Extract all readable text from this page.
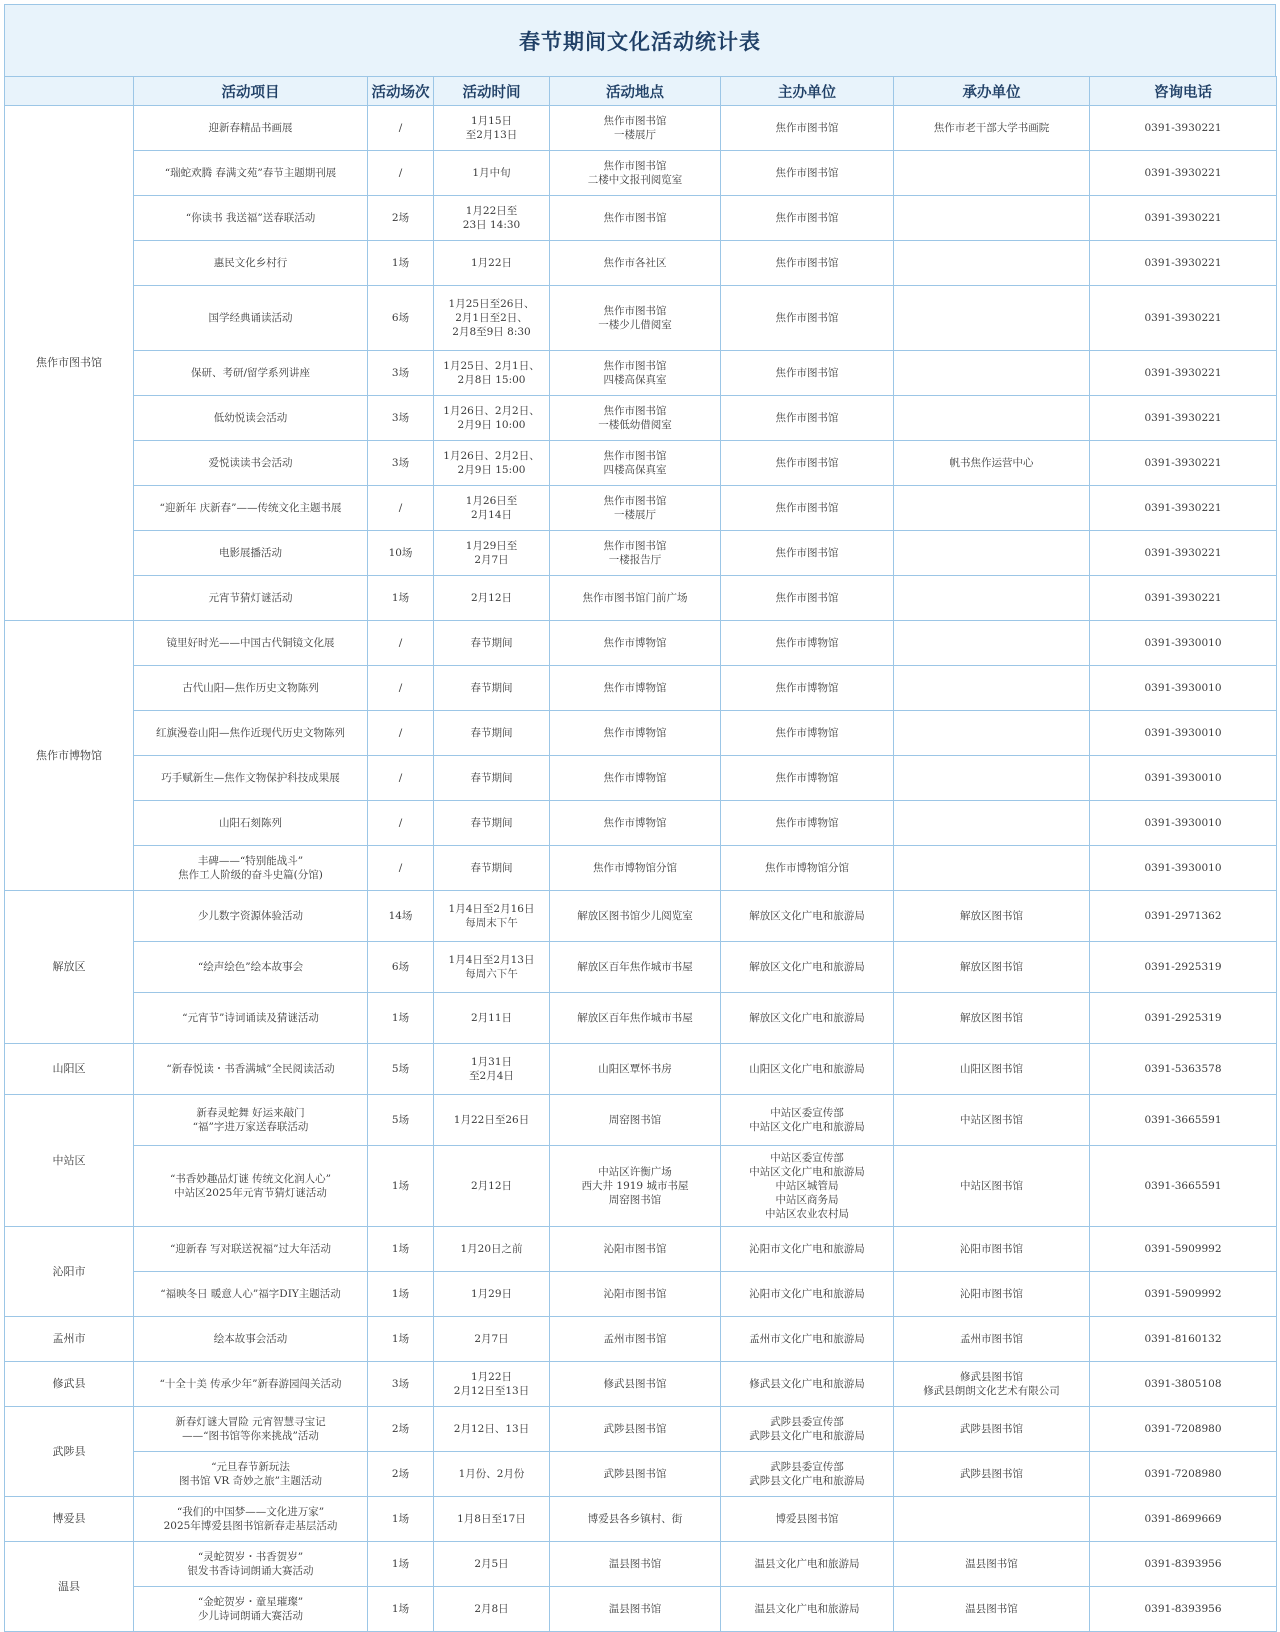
春节期间文化活动统计表
	活动项目	活动场次	活动时间	活动地点	主办单位	承办单位	咨询电话
焦作市图书馆	迎新春精品书画展	/	1月15日
至2月13日	焦作市图书馆
一楼展厅	焦作市图书馆	焦作市老干部大学书画院	0391-3930221
	“瑞蛇欢腾 春满文苑”春节主题期刊展	/	1月中旬	焦作市图书馆
二楼中文报刊阅览室	焦作市图书馆		0391-3930221
	“你读书 我送福”送春联活动	2场	1月22日至
23日 14:30	焦作市图书馆	焦作市图书馆		0391-3930221
	惠民文化乡村行	1场	1月22日	焦作市各社区	焦作市图书馆		0391-3930221
	国学经典诵读活动	6场	1月25日至26日、
2月1日至2日、
2月8至9日 8:30	焦作市图书馆
一楼少儿借阅室	焦作市图书馆		0391-3930221
	保研、考研/留学系列讲座	3场	1月25日、2月1日、
2月8日 15:00	焦作市图书馆
四楼高保真室	焦作市图书馆		0391-3930221
	低幼悦读会活动	3场	1月26日、2月2日、
2月9日 10:00	焦作市图书馆
一楼低幼借阅室	焦作市图书馆		0391-3930221
	爱悦读读书会活动	3场	1月26日、2月2日、
2月9日 15:00	焦作市图书馆
四楼高保真室	焦作市图书馆	帆书焦作运营中心	0391-3930221
	“迎新年 庆新春”——传统文化主题书展	/	1月26日至
2月14日	焦作市图书馆
一楼展厅	焦作市图书馆		0391-3930221
	电影展播活动	10场	1月29日至
2月7日	焦作市图书馆
一楼报告厅	焦作市图书馆		0391-3930221
	元宵节猜灯谜活动	1场	2月12日	焦作市图书馆门前广场	焦作市图书馆		0391-3930221
焦作市博物馆	镜里好时光——中国古代铜镜文化展	/	春节期间	焦作市博物馆	焦作市博物馆		0391-3930010
	古代山阳—焦作历史文物陈列	/	春节期间	焦作市博物馆	焦作市博物馆		0391-3930010
	红旗漫卷山阳—焦作近现代历史文物陈列	/	春节期间	焦作市博物馆	焦作市博物馆		0391-3930010
	巧手赋新生—焦作文物保护科技成果展	/	春节期间	焦作市博物馆	焦作市博物馆		0391-3930010
	山阳石刻陈列	/	春节期间	焦作市博物馆	焦作市博物馆		0391-3930010
	丰碑——“特别能战斗”
焦作工人阶级的奋斗史篇(分馆)	/	春节期间	焦作市博物馆分馆	焦作市博物馆分馆		0391-3930010
解放区	少儿数字资源体验活动	14场	1月4日至2月16日
每周末下午	解放区图书馆少儿阅览室	解放区文化广电和旅游局	解放区图书馆	0391-2971362
	“绘声绘色”绘本故事会	6场	1月4日至2月13日
每周六下午	解放区百年焦作城市书屋	解放区文化广电和旅游局	解放区图书馆	0391-2925319
	“元宵节”诗词诵读及猜谜活动	1场	2月11日	解放区百年焦作城市书屋	解放区文化广电和旅游局	解放区图书馆	0391-2925319
山阳区	“新春悦读・书香满城”全民阅读活动	5场	1月31日
至2月4日	山阳区覃怀书房	山阳区文化广电和旅游局	山阳区图书馆	0391-5363578
中站区	新春灵蛇舞 好运来敲门
“福”字进万家送春联活动	5场	1月22日至26日	周窑图书馆	中站区委宣传部
中站区文化广电和旅游局	中站区图书馆	0391-3665591
	“书香妙趣品灯谜 传统文化润人心”
中站区2025年元宵节猜灯谜活动	1场	2月12日	中站区许衡广场
西大井 1919 城市书屋
周窑图书馆	中站区委宣传部
中站区文化广电和旅游局
中站区城管局
中站区商务局
中站区农业农村局	中站区图书馆	0391-3665591
沁阳市	“迎新春 写对联送祝福”过大年活动	1场	1月20日之前	沁阳市图书馆	沁阳市文化广电和旅游局	沁阳市图书馆	0391-5909992
	“福映冬日 暖意人心”福字DIY主题活动	1场	1月29日	沁阳市图书馆	沁阳市文化广电和旅游局	沁阳市图书馆	0391-5909992
孟州市	绘本故事会活动	1场	2月7日	孟州市图书馆	孟州市文化广电和旅游局	孟州市图书馆	0391-8160132
修武县	“十全十美 传承少年”新春游园闯关活动	3场	1月22日
2月12日至13日	修武县图书馆	修武县文化广电和旅游局	修武县图书馆
修武县朗朗文化艺术有限公司	0391-3805108
武陟县	新春灯谜大冒险 元宵智慧寻宝记
——“图书馆等你来挑战”活动	2场	2月12日、13日	武陟县图书馆	武陟县委宣传部
武陟县文化广电和旅游局	武陟县图书馆	0391-7208980
	“元旦春节新玩法
图书馆 VR 奇妙之旅”主题活动	2场	1月份、2月份	武陟县图书馆	武陟县委宣传部
武陟县文化广电和旅游局	武陟县图书馆	0391-7208980
博爱县	“我们的中国梦——文化进万家”
2025年博爱县图书馆新春走基层活动	1场	1月8日至17日	博爱县各乡镇村、街	博爱县图书馆		0391-8699669
温县	“灵蛇贺岁・书香贺岁”
银发书香诗词朗诵大赛活动	1场	2月5日	温县图书馆	温县文化广电和旅游局	温县图书馆	0391-8393956
	“金蛇贺岁・童星璀璨”
少儿诗词朗诵大赛活动	1场	2月8日	温县图书馆	温县文化广电和旅游局	温县图书馆	0391-8393956
